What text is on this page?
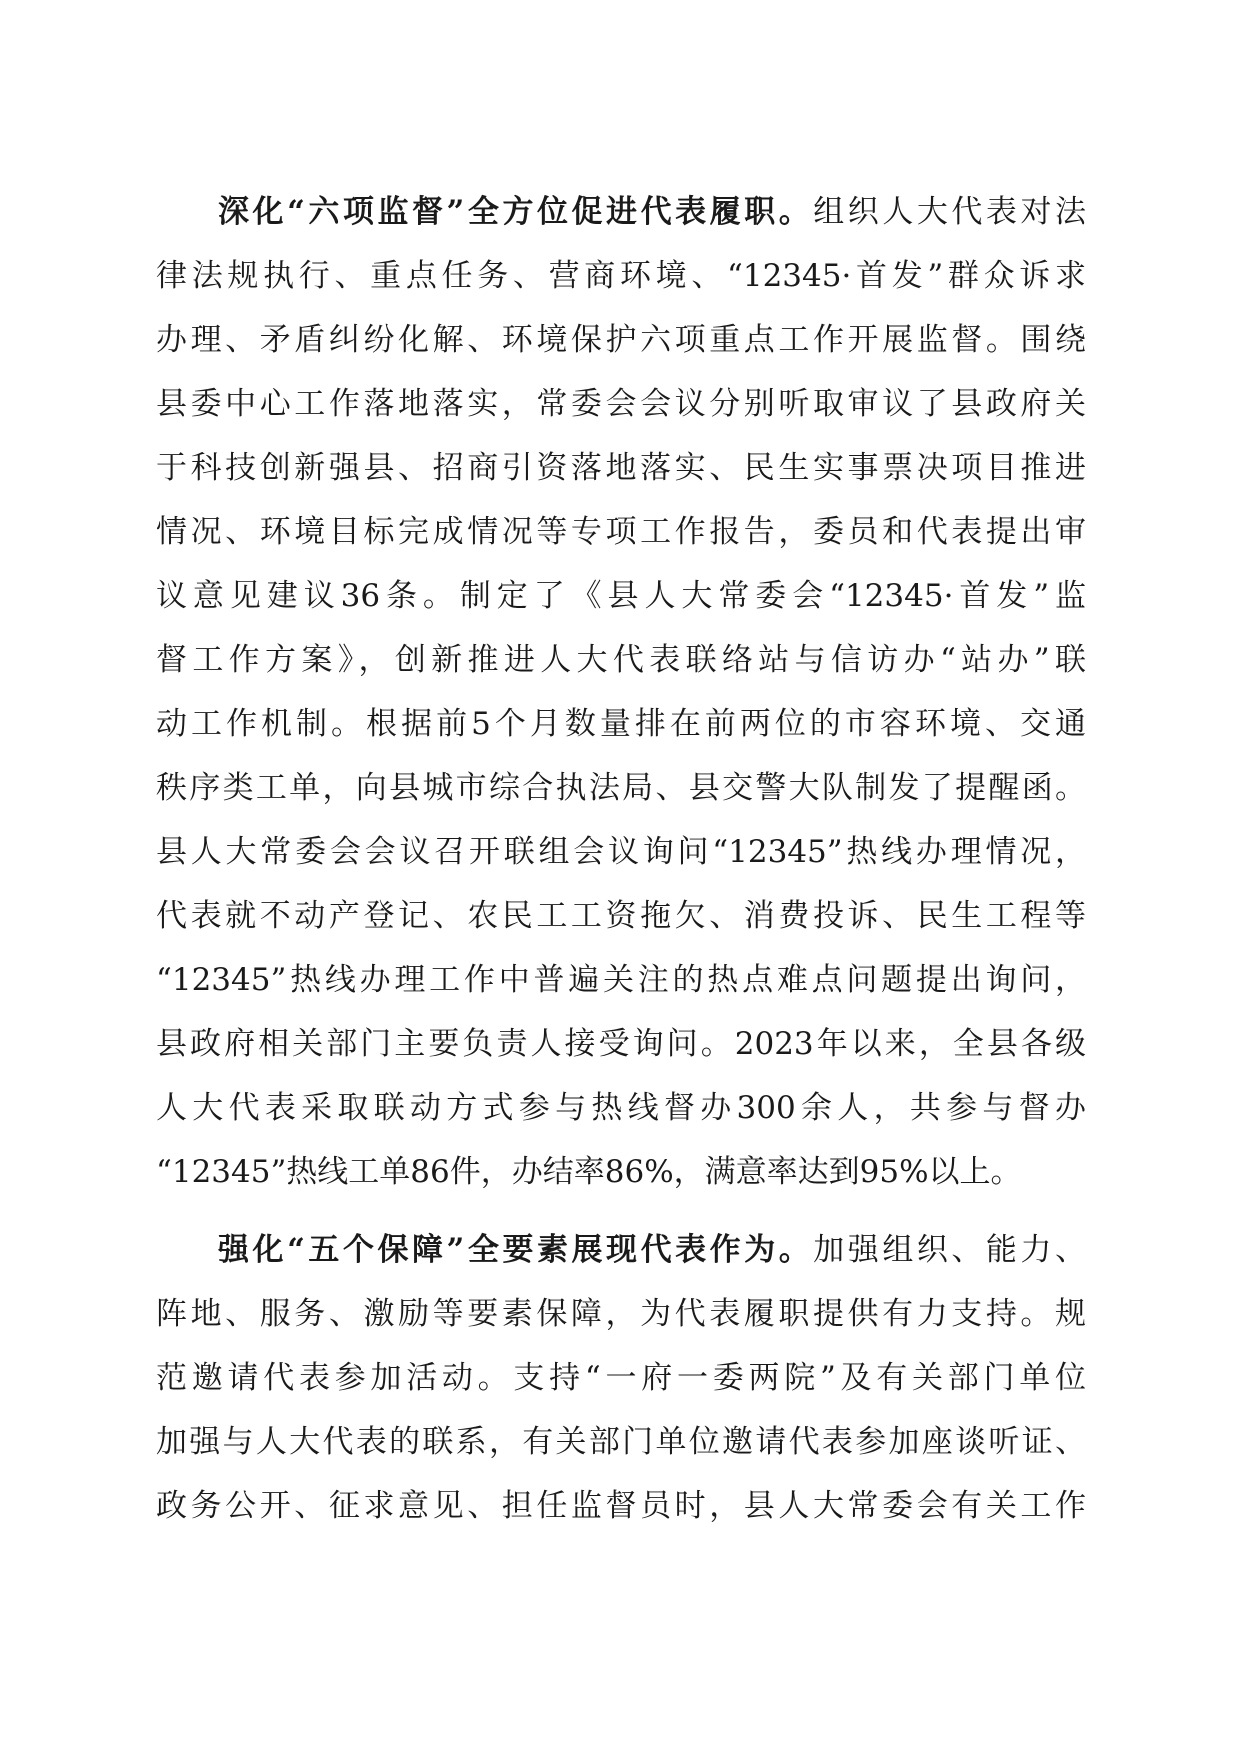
深化“六项监督”全方位促进代表履职。组织人大代表对法
律法规执行、重点任务、营商环境、“12345·首发”群众诉求
办理、矛盾纠纷化解、环境保护六项重点工作开展监督。围绕
县委中心工作落地落实，常委会会议分别听取审议了县政府关
于科技创新强县、招商引资落地落实、民生实事票决项目推进
情况、环境目标完成情况等专项工作报告，委员和代表提出审
议意见建议36条。制定了《县人大常委会“12345·首发”监
督工作方案》，创新推进人大代表联络站与信访办“站办”联
动工作机制。根据前5个月数量排在前两位的市容环境、交通
秩序类工单，向县城市综合执法局、县交警大队制发了提醒函。
县人大常委会会议召开联组会议询问“12345”热线办理情况，
代表就不动产登记、农民工工资拖欠、消费投诉、民生工程等
“12345”热线办理工作中普遍关注的热点难点问题提出询问，
县政府相关部门主要负责人接受询问。2023年以来，全县各级
人大代表采取联动方式参与热线督办300余人，共参与督办
“12345”热线工单86件，办结率86%，满意率达到95%以上。
强化“五个保障”全要素展现代表作为。加强组织、能力、
阵地、服务、激励等要素保障，为代表履职提供有力支持。规
范邀请代表参加活动。支持“一府一委两院”及有关部门单位
加强与人大代表的联系，有关部门单位邀请代表参加座谈听证、
政务公开、征求意见、担任监督员时，县人大常委会有关工作
